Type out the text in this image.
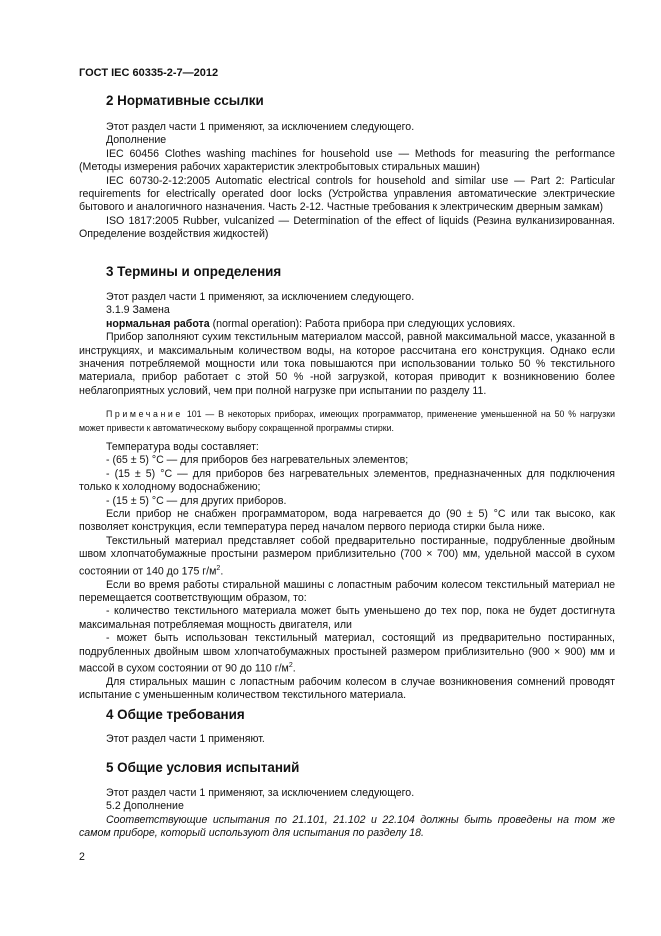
ГОСТ IEC 60335-2-7—2012
2 Нормативные ссылки

Этот раздел части 1 применяют, за исключением следующего.

Дополнение

IEC 60456 Clothes washing machines for household use — Methods for measuring the performance (Методы измерения рабочих характеристик электробытовых стиральных машин)

IEC 60730-2-12:2005 Automatic electrical controls for household and similar use — Part 2: Particular requirements for electrically operated door locks (Устройства управления автоматические электрические бытового и аналогичного назначения. Часть 2-12. Частные требования к электрическим дверным замкам)

ISO 1817:2005 Rubber, vulcanized — Determination of the effect of liquids (Резина вулканизированная. Определение воздействия жидкостей)

3 Термины и определения

Этот раздел части 1 применяют, за исключением следующего.

3.1.9 Замена

нормальная работа (normal operation): Работа прибора при следующих условиях.

Прибор заполняют сухим текстильным материалом массой, равной максимальной массе, указанной в инструкциях, и максимальным количеством воды, на которое рассчитана его конструкция. Однако если значения потребляемой мощности или тока повышаются при использовании только 50 % текстильного материала, прибор работает с этой 50 % -ной загрузкой, которая приводит к возникновению более неблагоприятных условий, чем при полной нагрузке при испытании по разделу 11.

Примечание 101 — В некоторых приборах, имеющих программатор, применение уменьшенной на 50 % нагрузки может привести к автоматическому выбору сокращенной программы стирки.

Температура воды составляет:

- (65 ± 5) °C — для приборов без нагревательных элементов;

- (15 ± 5) °C — для приборов без нагревательных элементов, предназначенных для подключения только к холодному водоснабжению;

- (15 ± 5) °C — для других приборов.

Если прибор не снабжен программатором, вода нагревается до (90 ± 5) °C или так высоко, как позволяет конструкция, если температура перед началом первого периода стирки была ниже.

Текстильный материал представляет собой предварительно постиранные, подрубленные двойным швом хлопчатобумажные простыни размером приблизительно (700 × 700) мм, удельной массой в сухом состоянии от 140 до 175 $г/м^2$.

Если во время работы стиральной машины с лопастным рабочим колесом текстильный материал не перемещается соответствующим образом, то:

- количество текстильного материала может быть уменьшено до тех пор, пока не будет достигнута максимальная потребляемая мощность двигателя, или

- может быть использован текстильный материал, состоящий из предварительно постиранных, подрубленных двойным швом хлопчатобумажных простыней размером приблизительно (900 × 900) мм и массой в сухом состоянии от 90 до 110 $г/м^2$.

Для стиральных машин с лопастным рабочим колесом в случае возникновения сомнений проводят испытание с уменьшенным количеством текстильного материала.

4 Общие требования

Этот раздел части 1 применяют.

5 Общие условия испытаний

Этот раздел части 1 применяют, за исключением следующего.

5.2 Дополнение

Соответствующие испытания по 21.101, 21.102 и 22.104 должны быть проведены на том же самом приборе, который используют для испытания по разделу 18.

2
